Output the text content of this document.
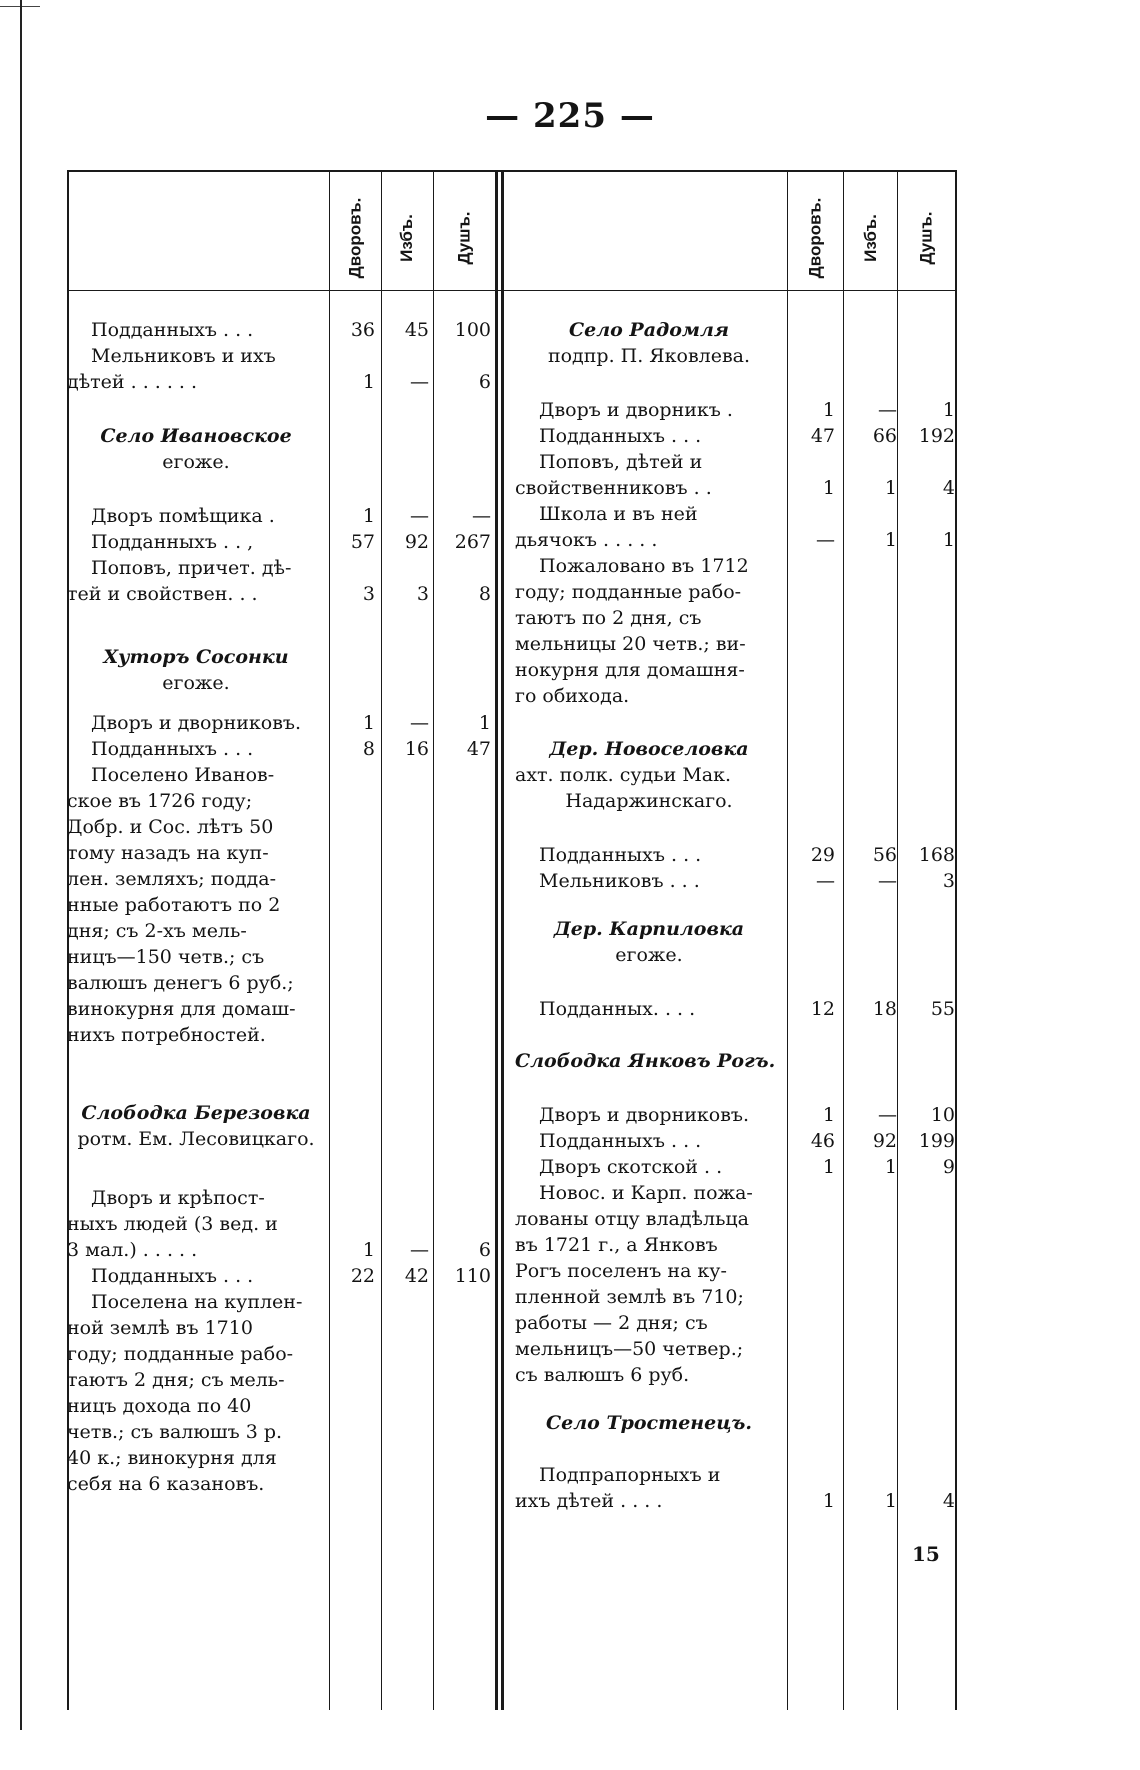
— 225 —
Дворовъ. Избъ. Душъ.	Дворовъ. Избъ. Душъ.
Подданныхъ . . .	36	45	100
Мельниковъ и ихъ
дѣтей . . . . . .	1	—	6
Село Ивановское
егоже.
Дворъ помѣщика .	1	—	—
Подданныхъ . . ,	57	92	267
Поповъ, причет. дѣ-
тей и свойствен. . .	3	3	8
Хуторъ Сосонки
егоже.
Дворъ и дворниковъ.	1	—	1
Подданныхъ . . .	8	16	47
Поселено Иванов-
ское въ 1726 году;
Добр. и Сос. лѣтъ 50
тому назадъ на куп-
лен. земляхъ; подда-
нные работаютъ по 2
дня; съ 2-хъ мель-
ницъ—150 четв.; съ
валюшъ денегъ 6 руб.;
винокурня для домаш-
нихъ потребностей.
Слободка Березовка
ротм. Ем. Лесовицкаго.
Дворъ и крѣпост-
ныхъ людей (3 вед. и
3 мал.) . . . . .	1	—	6
Подданныхъ . . .	22	42	110
Поселена на куплен-
ной землѣ въ 1710
году; подданные рабо-
таютъ 2 дня; съ мель-
ницъ дохода по 40
четв.; съ валюшъ 3 р.
40 к.; винокурня для
себя на 6 казановъ.
Село Радомля
подпр. П. Яковлева.
Дворъ и дворникъ .	1	—	1
Подданныхъ . . .	47	66	192
Поповъ, дѣтей и
свойственниковъ . .	1	1	4
Школа и въ ней
дьячокъ . . . . .	—	1	1
Пожаловано въ 1712
году; подданные рабо-
таютъ по 2 дня, съ
мельницы 20 четв.; ви-
нокурня для домашня-
го обихода.
Дер. Новоселовка
ахт. полк. судьи Мак.
Надаржинскаго.
Подданныхъ . . .	29	56	168
Мельниковъ . . .	—	—	3
Дер. Карпиловка
егоже.
Подданных. . . .	12	18	55
Слободка Янковъ Рогъ.
Дворъ и дворниковъ.	1	—	10
Подданныхъ . . .	46	92	199
Дворъ скотской . .	1	1	9
Новос. и Карп. пожа-
лованы отцу владѣльца
въ 1721 г., а Янковъ
Рогъ поселенъ на ку-
пленной землѣ въ 710;
работы — 2 дня; съ
мельницъ—50 четвер.;
съ валюшъ 6 руб.
Село Тростенецъ.
Подпрапорныхъ и
ихъ дѣтей . . . .	1	1	4
15
